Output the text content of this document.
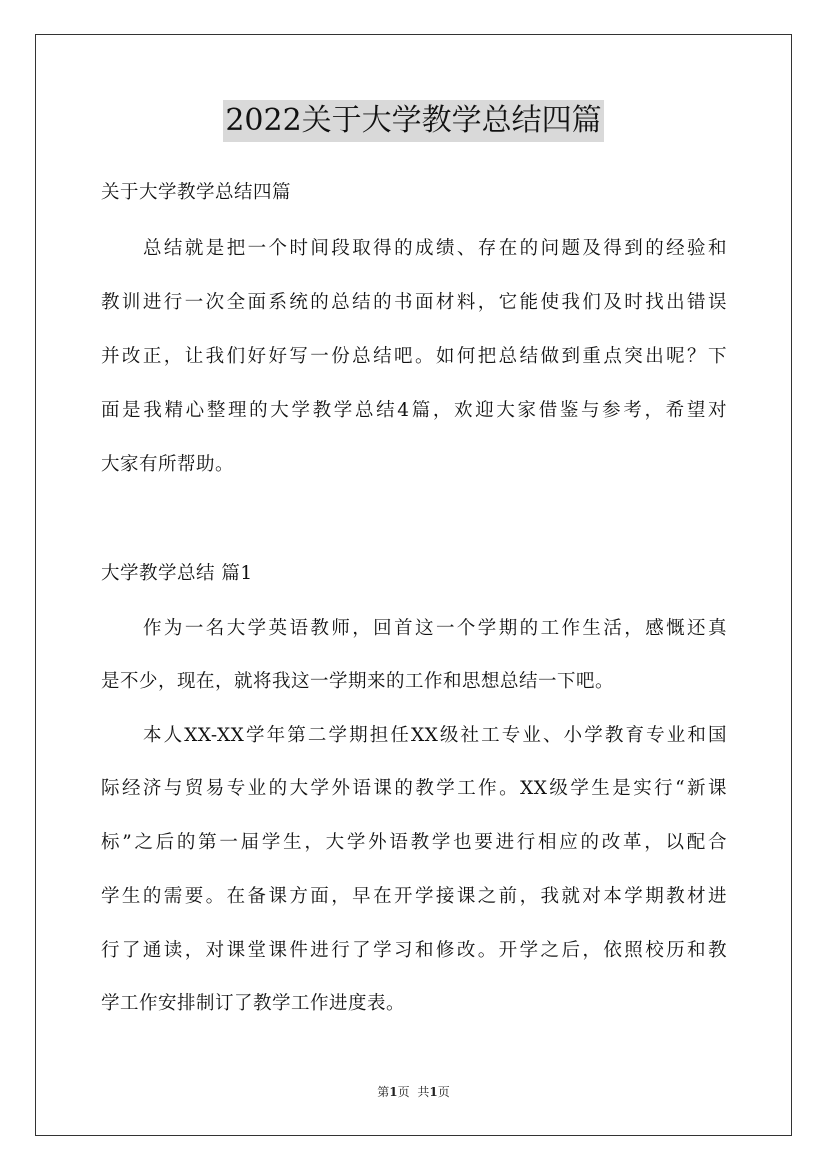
2022关于大学教学总结四篇
关于大学教学总结四篇
总结就是把一个时间段取得的成绩、存在的问题及得到的经验和
教训进行一次全面系统的总结的书面材料，它能使我们及时找出错误
并改正，让我们好好写一份总结吧。如何把总结做到重点突出呢？下
面是我精心整理的大学教学总结4篇，欢迎大家借鉴与参考，希望对
大家有所帮助。
大学教学总结 篇1
作为一名大学英语教师，回首这一个学期的工作生活，感慨还真
是不少，现在，就将我这一学期来的工作和思想总结一下吧。
本人XX-XX学年第二学期担任XX级社工专业、小学教育专业和国
际经济与贸易专业的大学外语课的教学工作。XX级学生是实行“新课
标”之后的第一届学生，大学外语教学也要进行相应的改革，以配合
学生的需要。在备课方面，早在开学接课之前，我就对本学期教材进
行了通读，对课堂课件进行了学习和修改。开学之后，依照校历和教
学工作安排制订了教学工作进度表。
第1页 共1页
